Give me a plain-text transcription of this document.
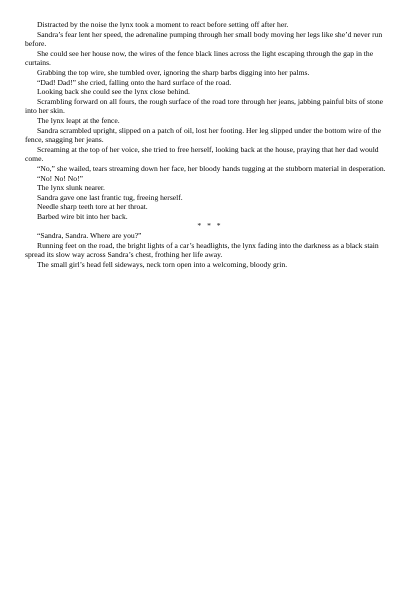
Distracted by the noise the lynx took a moment to react before setting off after her.

Sandra’s fear lent her speed, the adrenaline pumping through her small body moving her legs like she’d never run before.

She could see her house now, the wires of the fence black lines across the light escaping through the gap in the curtains.

Grabbing the top wire, she tumbled over, ignoring the sharp barbs digging into her palms.

“Dad! Dad!” she cried, falling onto the hard surface of the road.

Looking back she could see the lynx close behind.

Scrambling forward on all fours, the rough surface of the road tore through her jeans, jabbing painful bits of stone into her skin.

The lynx leapt at the fence.

Sandra scrambled upright, slipped on a patch of oil, lost her footing. Her leg slipped under the bottom wire of the fence, snagging her jeans.

Screaming at the top of her voice, she tried to free herself, looking back at the house, praying that her dad would come.

“No,” she wailed, tears streaming down her face, her bloody hands tugging at the stubborn material in desperation.

“No! No! No!”

The lynx slunk nearer.

Sandra gave one last frantic tug, freeing herself.

Needle sharp teeth tore at her throat.

Barbed wire bit into her back.

* * *

“Sandra, Sandra. Where are you?”

Running feet on the road, the bright lights of a car’s headlights, the lynx fading into the darkness as a black stain spread its slow way across Sandra’s chest, frothing her life away.

The small girl’s head fell sideways, neck torn open into a welcoming, bloody grin.
